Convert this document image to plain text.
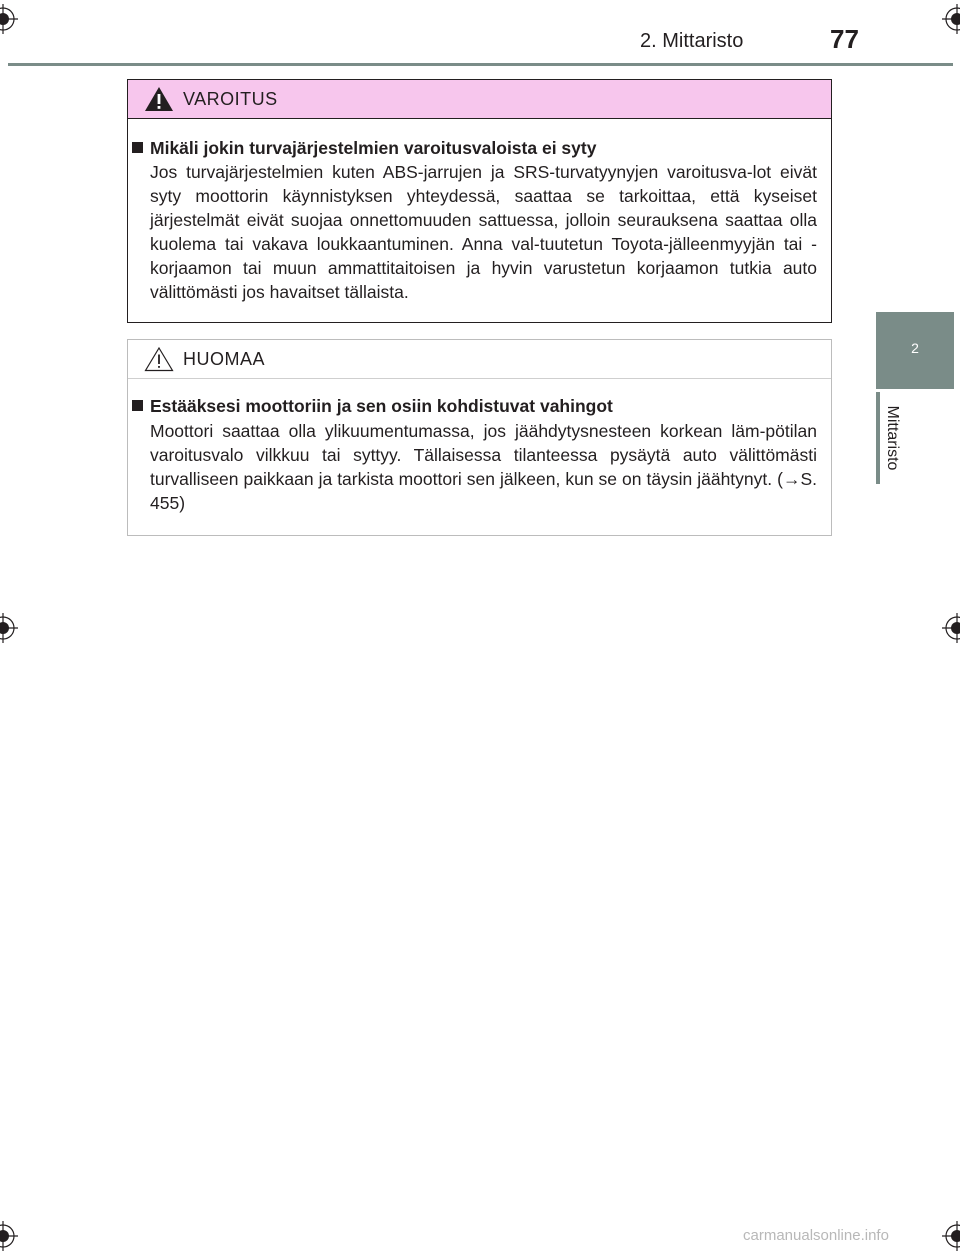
2. Mittaristo	77
2
Mittaristo
VAROITUS
Mikäli jokin turvajärjestelmien varoitusvaloista ei syty
Jos turvajärjestelmien kuten ABS-jarrujen ja SRS-turvatyynyjen varoitusva-lot eivät syty moottorin käynnistyksen yhteydessä, saattaa se tarkoittaa, että kyseiset järjestelmät eivät suojaa onnettomuuden sattuessa, jolloin seurauksena saattaa olla kuolema tai vakava loukkaantuminen. Anna val-tuutetun Toyota-jälleenmyyjän tai -korjaamon tai muun ammattitaitoisen ja hyvin varustetun korjaamon tutkia auto välittömästi jos havaitset tällaista.
HUOMAA
Estääksesi moottoriin ja sen osiin kohdistuvat vahingot
Moottori saattaa olla ylikuumentumassa, jos jäähdytysnesteen korkean läm-pötilan varoitusvalo vilkkuu tai syttyy. Tällaisessa tilanteessa pysäytä auto välittömästi turvalliseen paikkaan ja tarkista moottori sen jälkeen, kun se on täysin jäähtynyt. (→S. 455)
carmanualsonline.info
